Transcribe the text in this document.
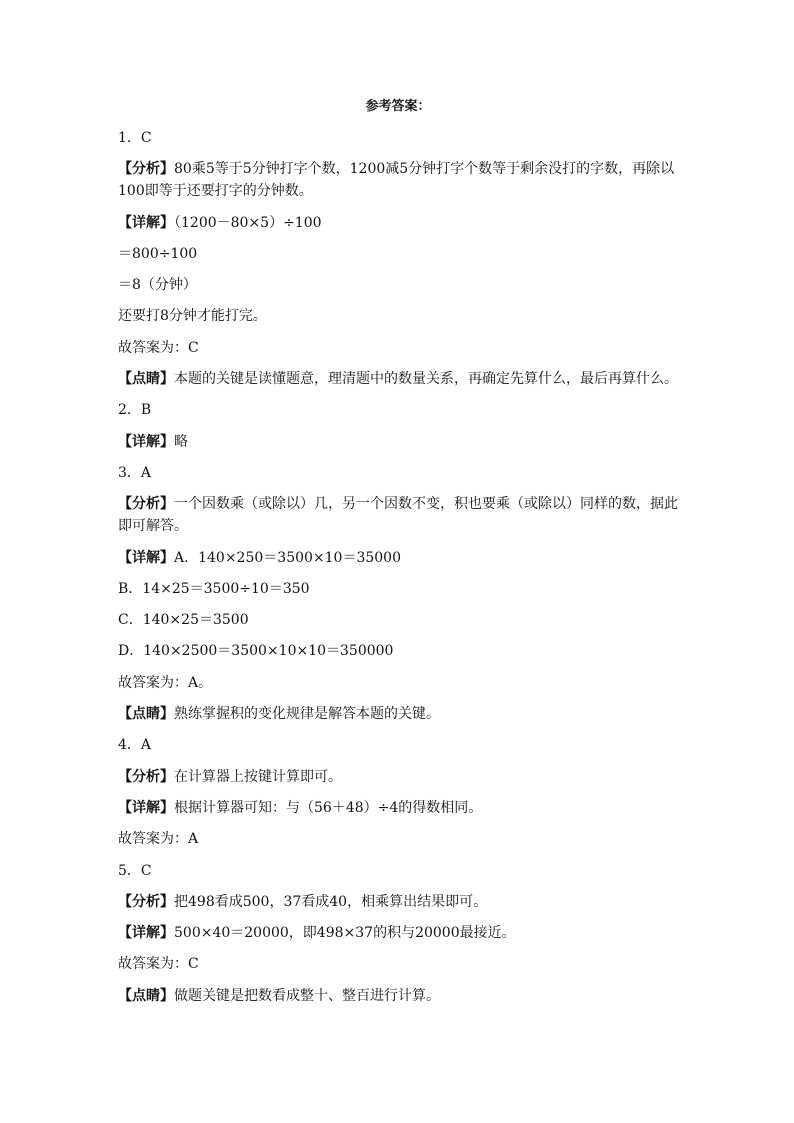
参考答案：
1．C
【分析】80乘5等于5分钟打字个数，1200减5分钟打字个数等于剩余没打的字数，再除以100即等于还要打字的分钟数。
【详解】（1200－80×5）÷100
＝800÷100
＝8（分钟）
还要打8分钟才能打完。
故答案为：C
【点睛】本题的关键是读懂题意，理清题中的数量关系，再确定先算什么，最后再算什么。
2．B
【详解】略
3．A
【分析】一个因数乘（或除以）几，另一个因数不变，积也要乘（或除以）同样的数，据此即可解答。
【详解】A．140×250＝3500×10＝35000
B．14×25＝3500÷10＝350
C．140×25＝3500
D．140×2500＝3500×10×10＝350000
故答案为：A。
【点睛】熟练掌握积的变化规律是解答本题的关键。
4．A
【分析】在计算器上按键计算即可。
【详解】根据计算器可知：与（56＋48）÷4的得数相同。
故答案为：A
5．C
【分析】把498看成500，37看成40，相乘算出结果即可。
【详解】500×40＝20000，即498×37的积与20000最接近。
故答案为：C
【点睛】做题关键是把数看成整十、整百进行计算。
